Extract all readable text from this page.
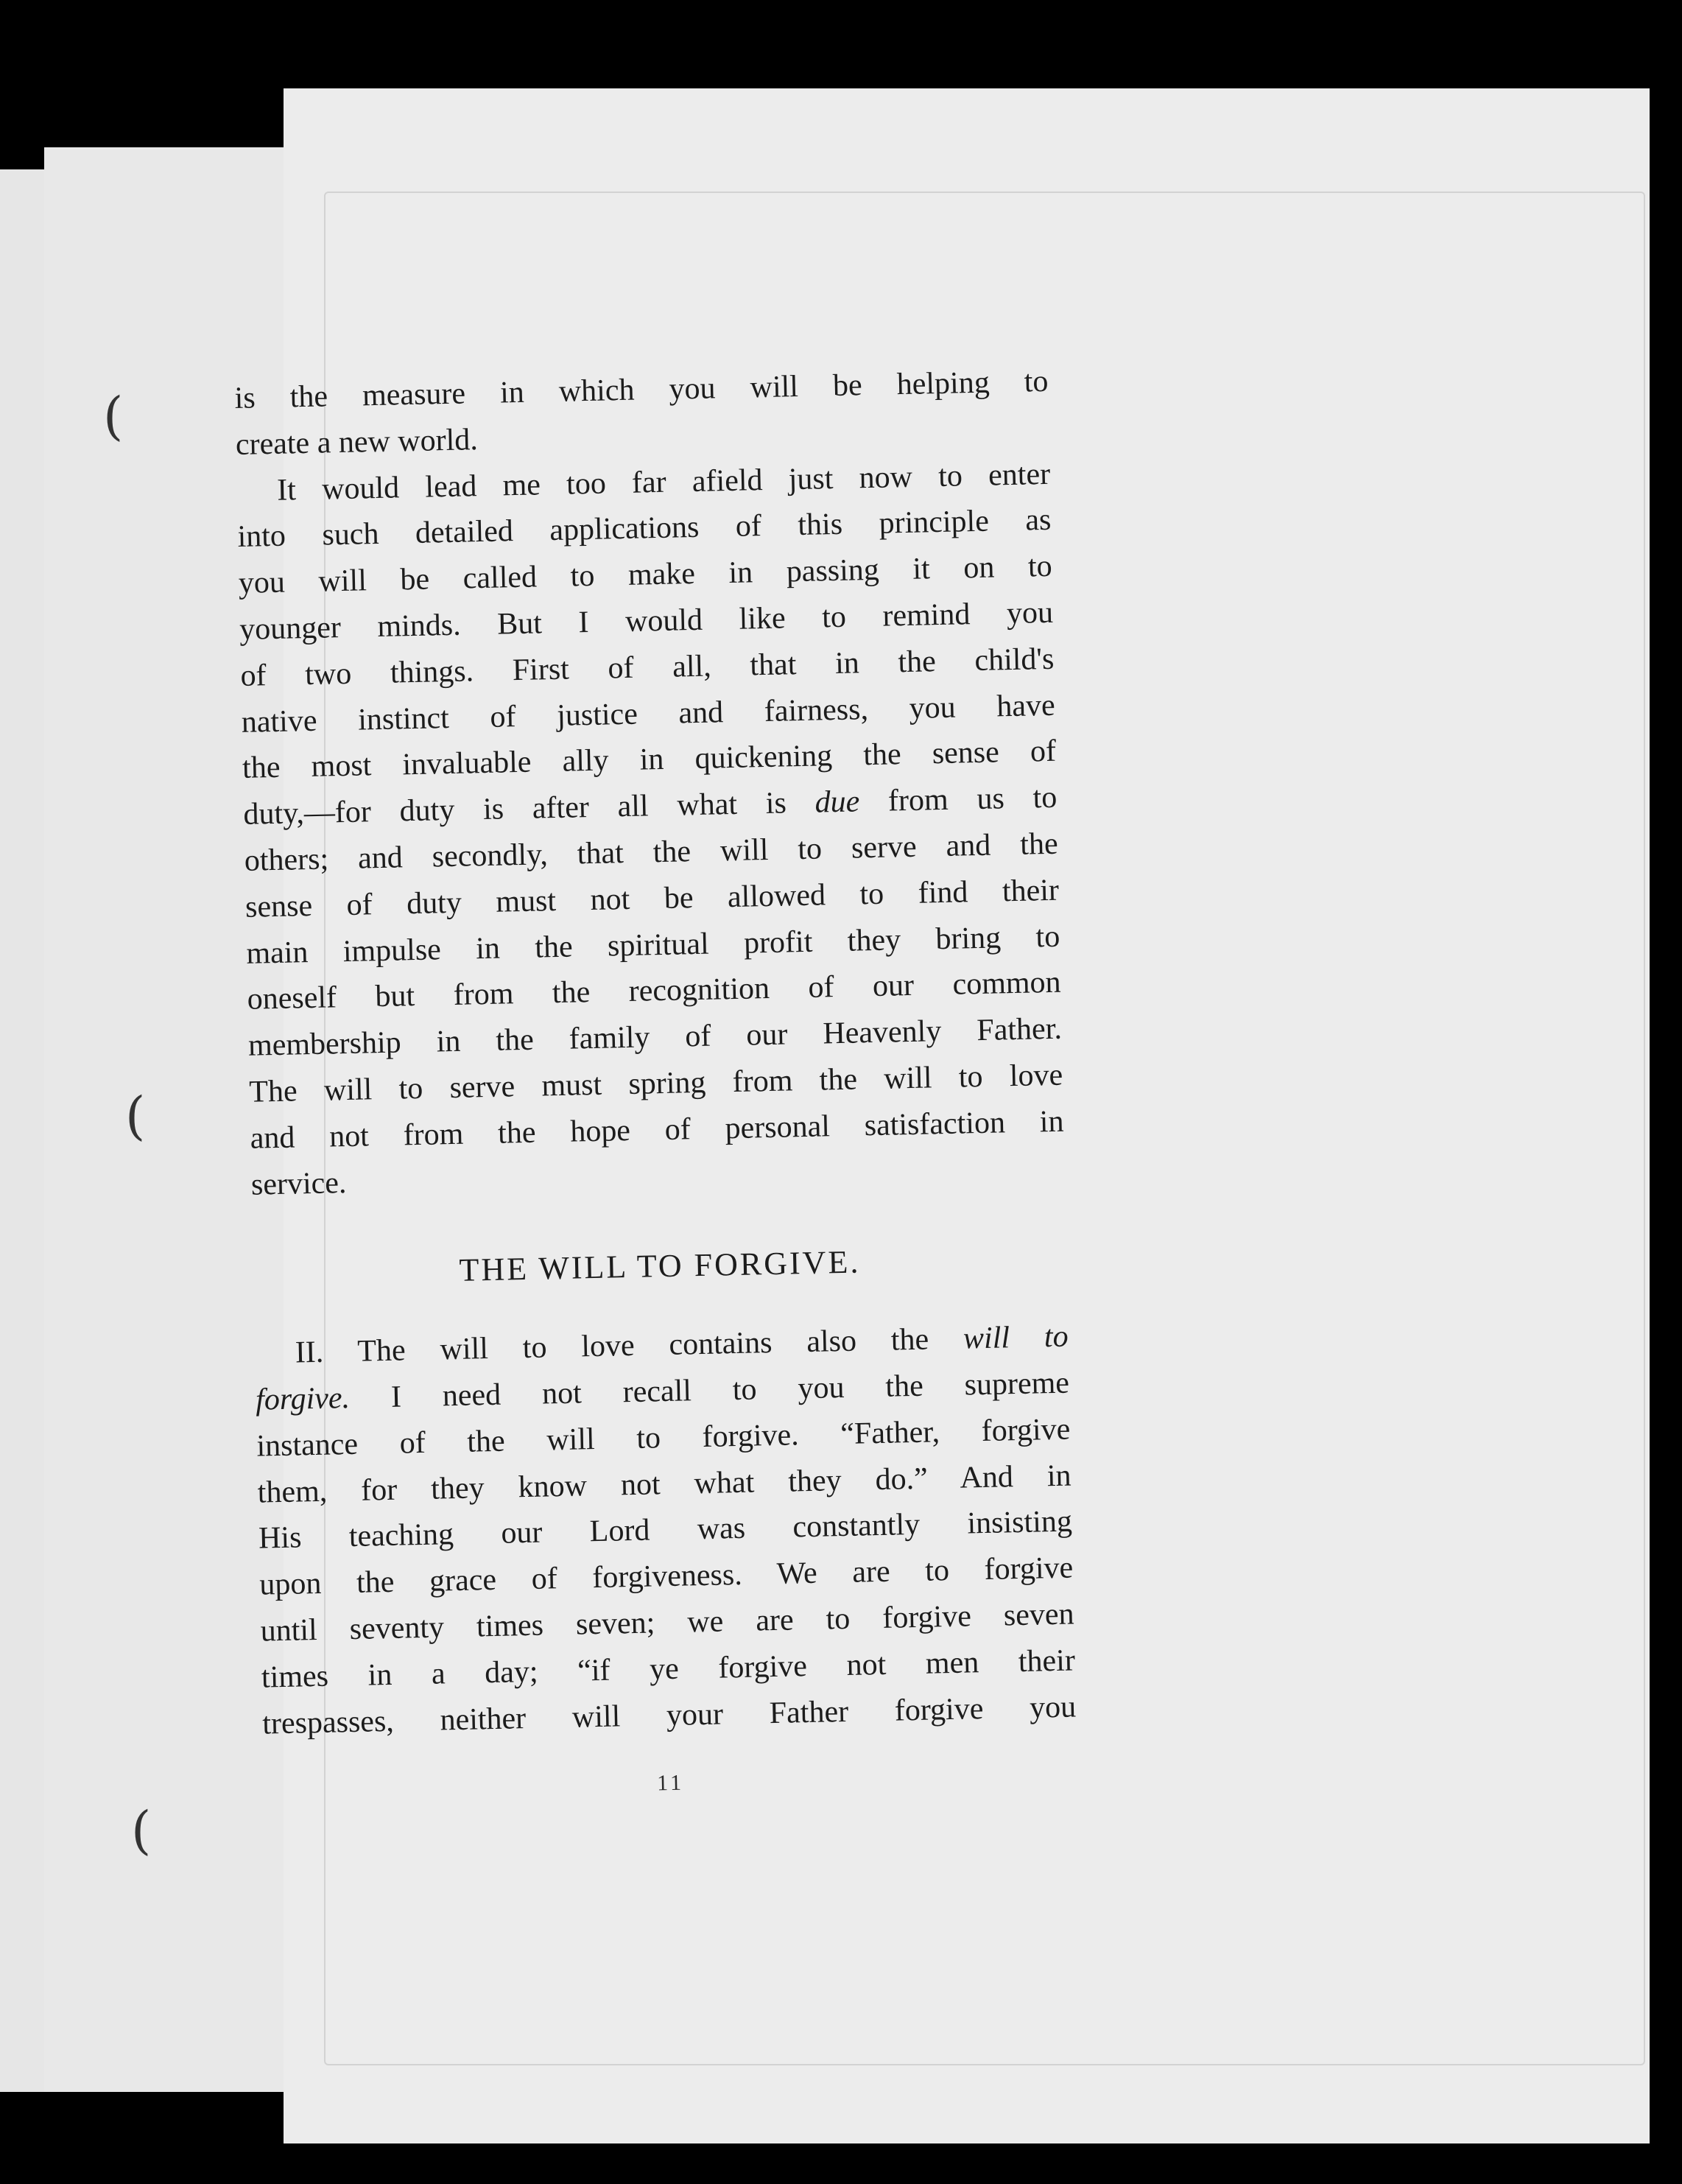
(
(
(

is the measure in which you will be helping to

create a new world.

It would lead me too far afield just now to enter

into such detailed applications of this principle as

you will be called to make in passing it on to

younger minds. But I would like to remind you

of two things. First of all, that in the child's

native instinct of justice and fairness, you have

the most invaluable ally in quickening the sense of

duty,—for duty is after all what is due from us to

others; and secondly, that the will to serve and the

sense of duty must not be allowed to find their

main impulse in the spiritual profit they bring to

oneself but from the recognition of our common

membership in the family of our Heavenly Father.

The will to serve must spring from the will to love

and not from the hope of personal satisfaction in

service.

THE WILL TO FORGIVE.

II. The will to love contains also the will to

forgive. I need not recall to you the supreme

instance of the will to forgive. “Father, forgive

them, for they know not what they do.” And in

His teaching our Lord was constantly insisting

upon the grace of forgiveness. We are to forgive

until seventy times seven; we are to forgive seven

times in a day; “if ye forgive not men their

trespasses, neither will your Father forgive you

11
